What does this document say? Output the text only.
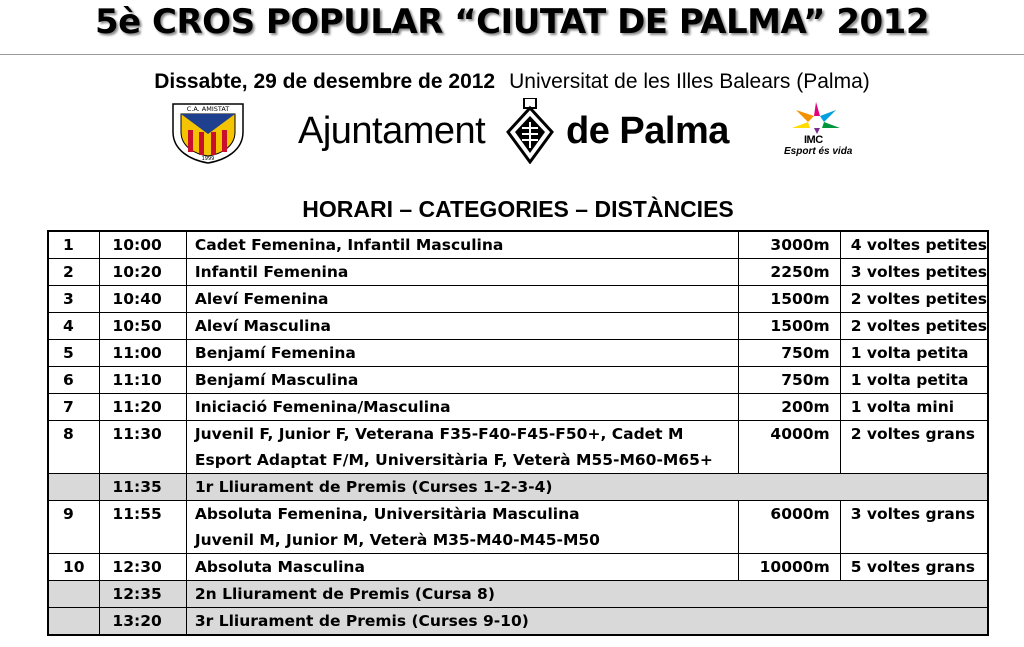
5è CROS POPULAR “CIUTAT DE PALMA” 2012
Dissabte, 29 de desembre de 2012 Universitat de les Illes Balears (Palma)
C.A. AMISTAT
1999
Ajuntament de Palma	IMC
Esport és vida
HORARI – CATEGORIES – DISTÀNCIES
1	10:00	Cadet Femenina, Infantil Masculina	3000m	4 voltes petites
2	10:20	Infantil Femenina	2250m	3 voltes petites
3	10:40	Aleví Femenina	1500m	2 voltes petites
4	10:50	Aleví Masculina	1500m	2 voltes petites
5	11:00	Benjamí Femenina	750m	1 volta petita
6	11:10	Benjamí Masculina	750m	1 volta petita
7	11:20	Iniciació Femenina/Masculina	200m	1 volta mini
8	11:30	Juvenil F, Junior F, Veterana F35-F40-F45-F50+, Cadet M
Esport Adaptat F/M, Universitària F, Veterà M55-M60-M65+	4000m	2 voltes grans
	11:35	1r Lliurament de Premis (Curses 1-2-3-4)		
9	11:55	Absoluta Femenina, Universitària Masculina
Juvenil M, Junior M, Veterà M35-M40-M45-M50	6000m	3 voltes grans
10	12:30	Absoluta Masculina	10000m	5 voltes grans
	12:35	2n Lliurament de Premis (Cursa 8)		
	13:20	3r Lliurament de Premis (Curses 9-10)		
